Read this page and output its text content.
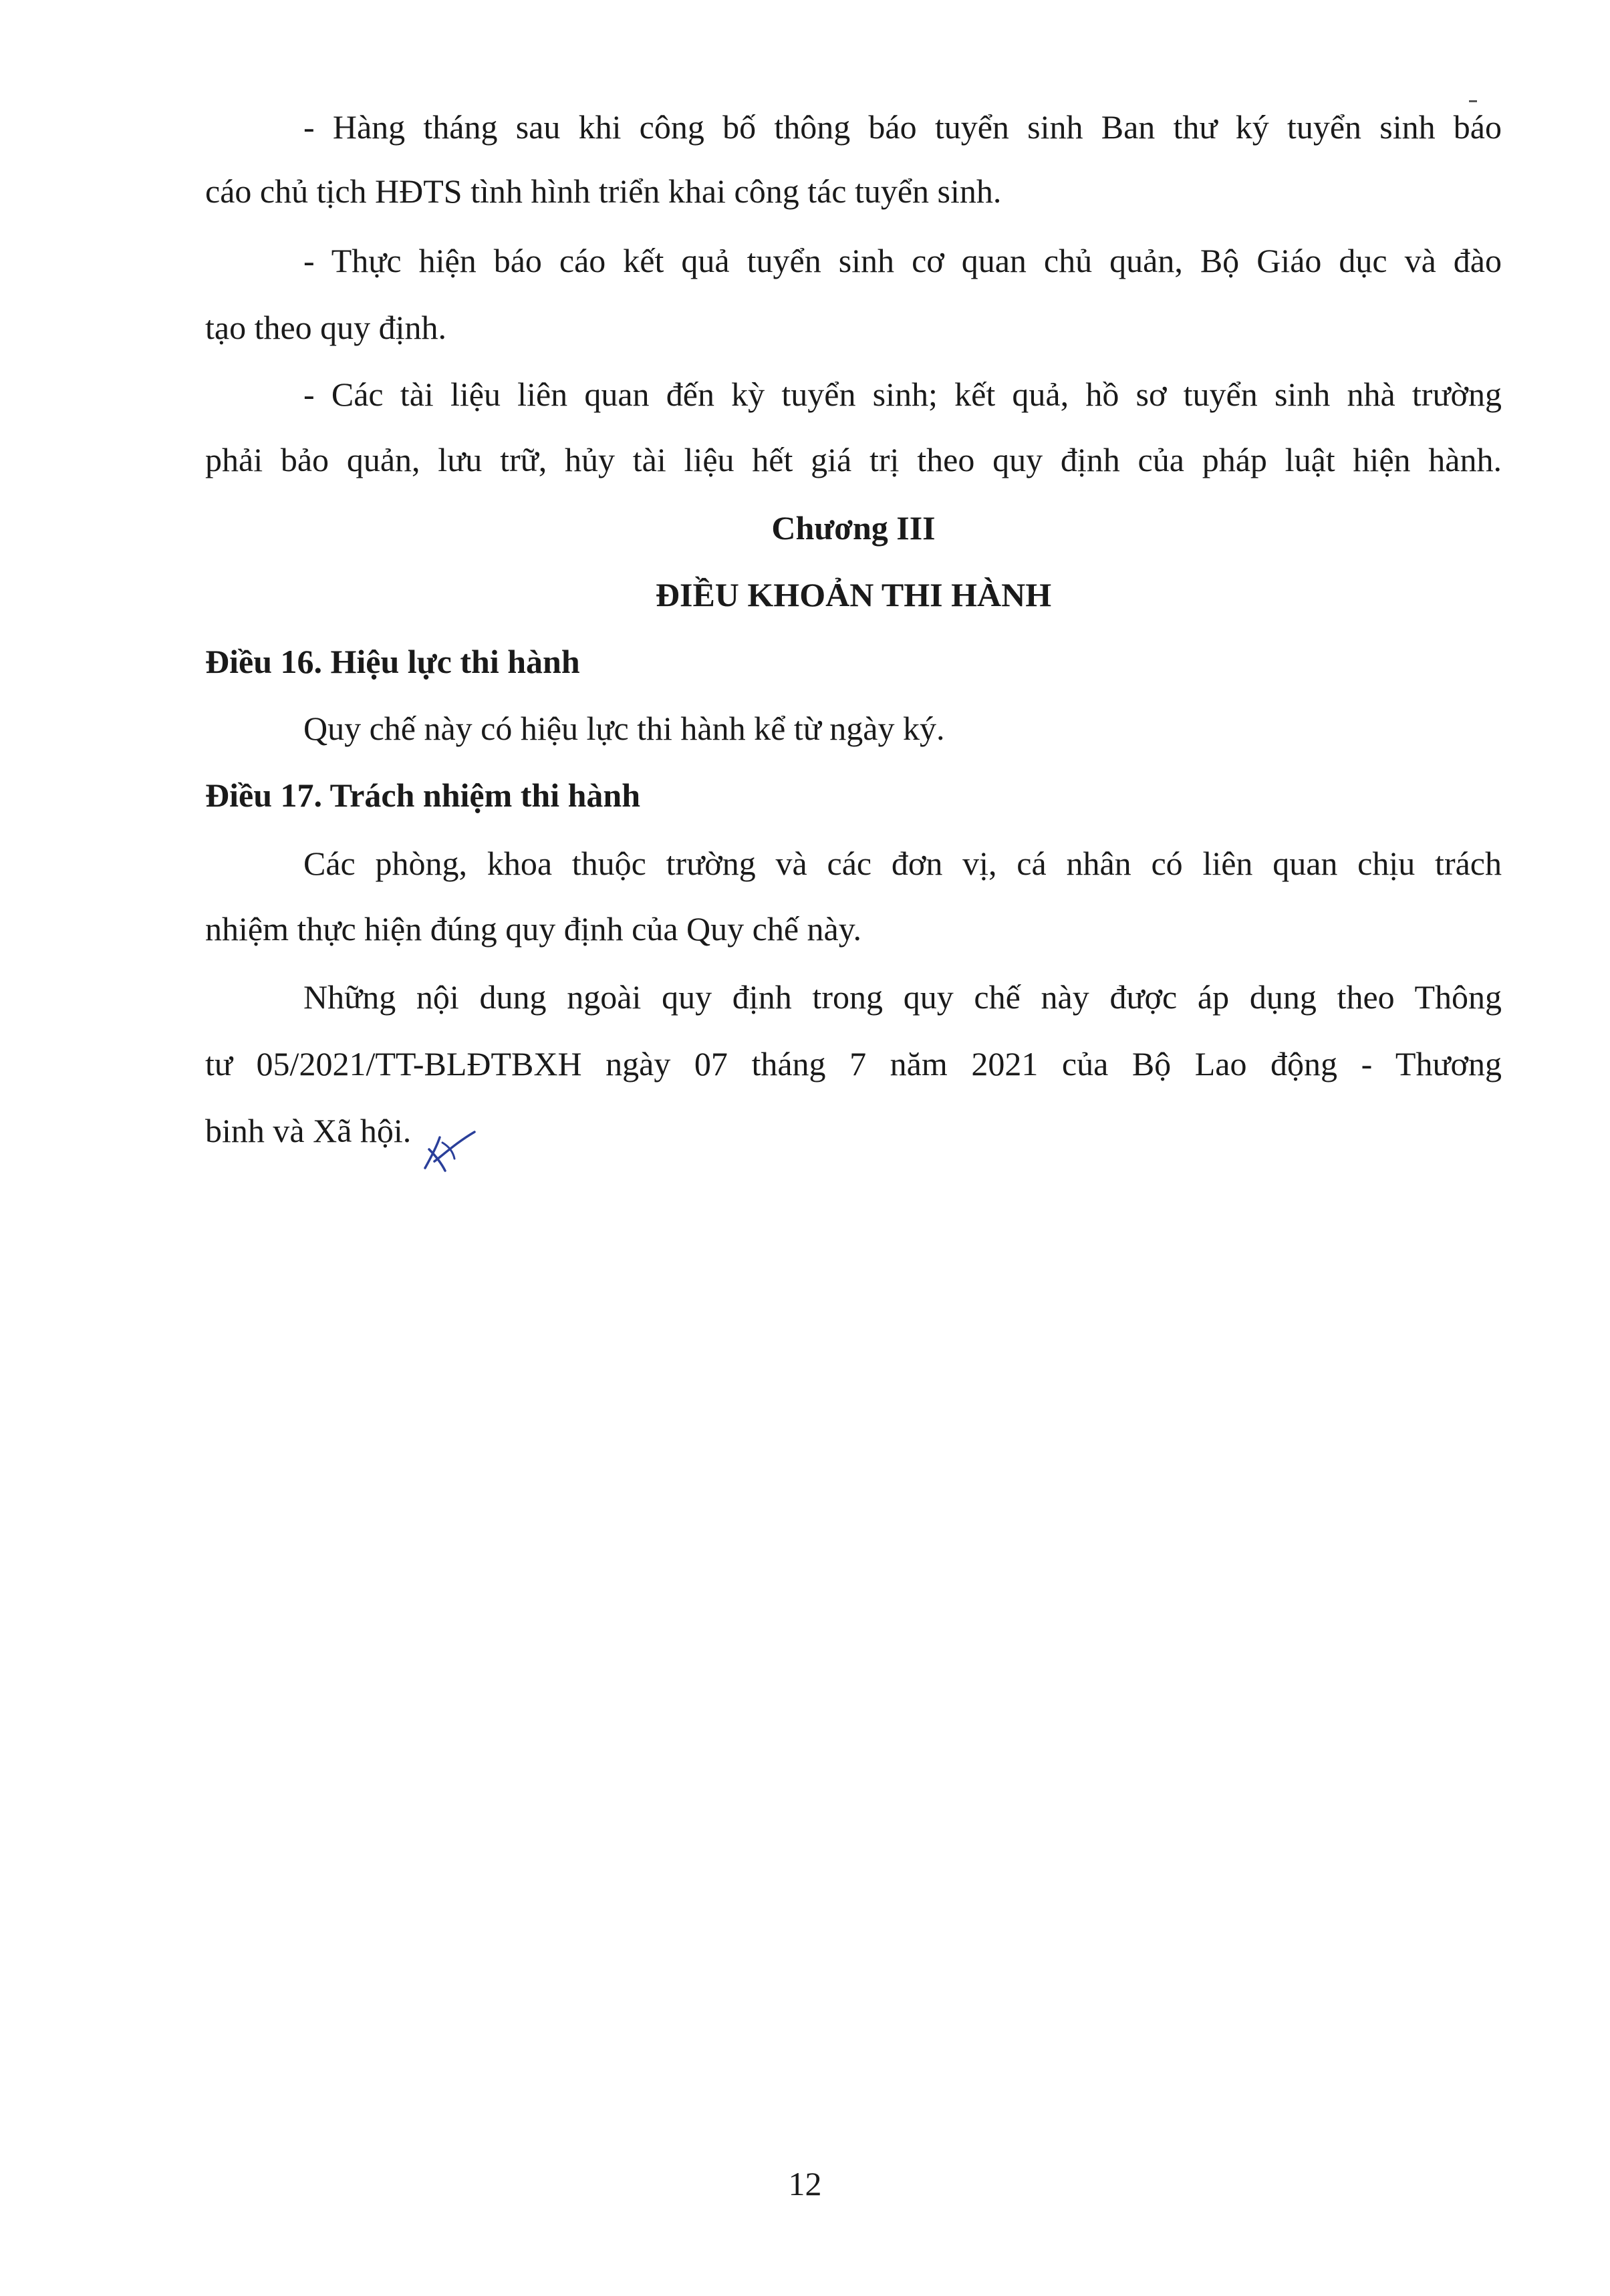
- Hàng tháng sau khi công bố thông báo tuyển sinh Ban thư ký tuyển sinh báo
cáo chủ tịch HĐTS tình hình triển khai công tác tuyển sinh.
- Thực hiện báo cáo kết quả tuyển sinh cơ quan chủ quản, Bộ Giáo dục và đào
tạo theo quy định.
- Các tài liệu liên quan đến kỳ tuyển sinh; kết quả, hồ sơ tuyển sinh nhà trường
phải bảo quản, lưu trữ, hủy tài liệu hết giá trị theo quy định của pháp luật hiện hành.
Chương III
ĐIỀU KHOẢN THI HÀNH
Điều 16. Hiệu lực thi hành
Quy chế này có hiệu lực thi hành kể từ ngày ký.
Điều 17. Trách nhiệm thi hành
Các phòng, khoa thuộc trường và các đơn vị, cá nhân có liên quan chịu trách
nhiệm thực hiện đúng quy định của Quy chế này.
Những nội dung ngoài quy định trong quy chế này được áp dụng theo Thông
tư 05/2021/TT-BLĐTBXH ngày 07 tháng 7 năm 2021 của Bộ Lao động - Thương
binh và Xã hội.
12
